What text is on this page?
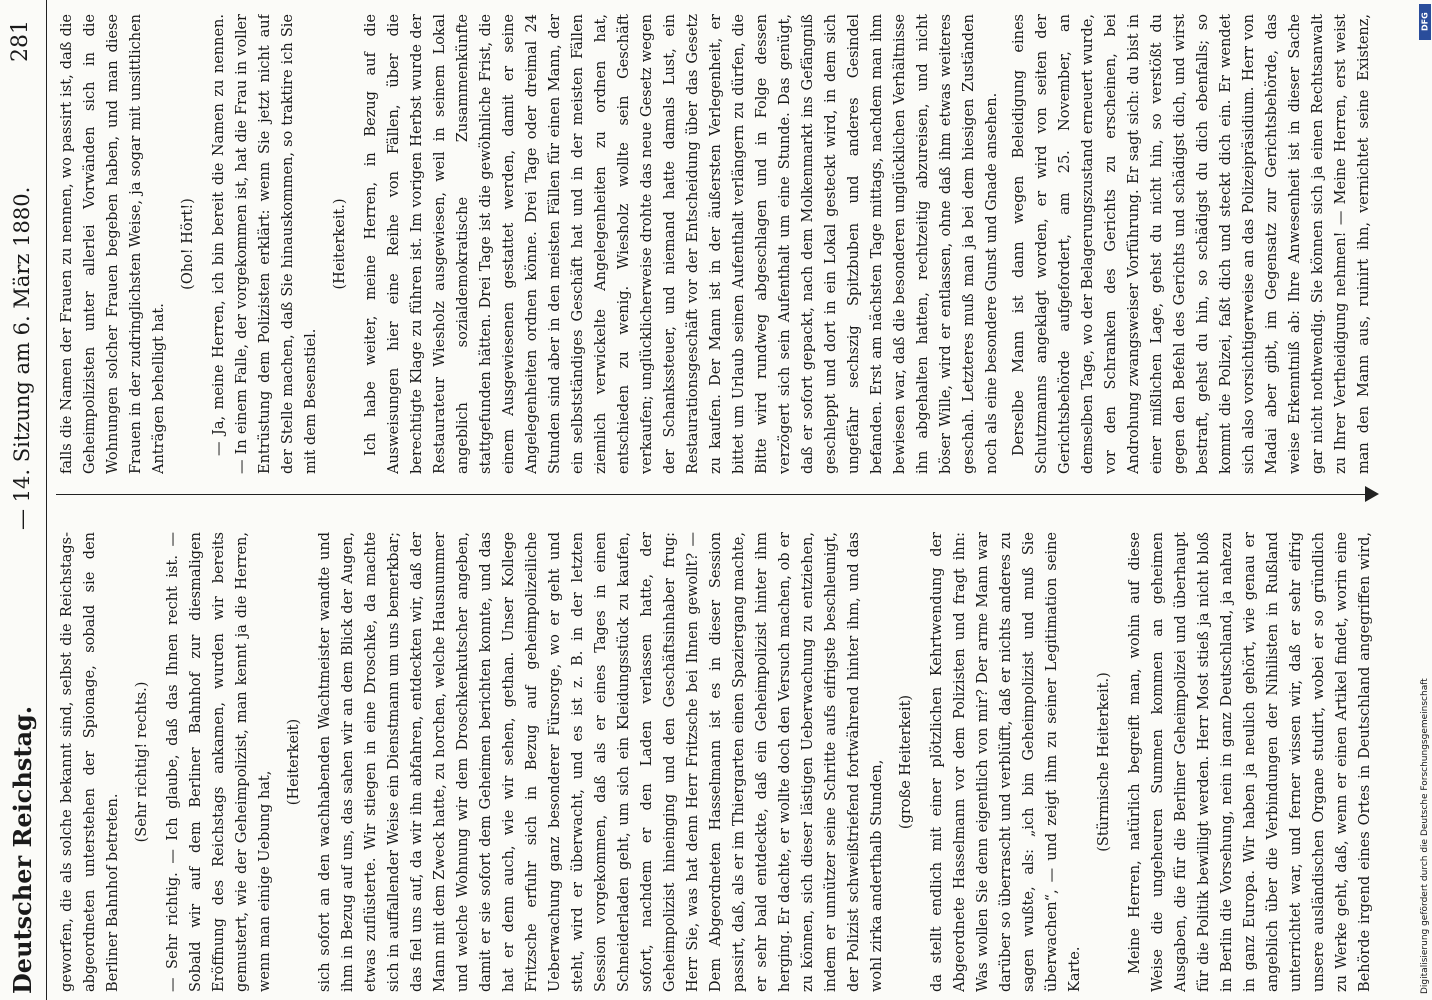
Deutscher Reichstag.
— 14. Sitzung am 6. März 1880.
281

geworfen, die als solche bekannt sind, selbst die Reichstags-abgeordneten unterstehen der Spionage, sobald sie den Berliner Bahnhof betreten.

(Sehr richtig! rechts.) — Sehr richtig. — Ich glaube, daß das Ihnen recht ist. — Sobald wir auf dem Berliner Bahnhof zur diesmaligen Eröffnung des Reichstags ankamen, wurden wir bereits gemustert, wie der Geheimpolizist, man kennt ja die Herren, wenn man einige Uebung hat,

(Heiterkeit) sich sofort an den wachhabenden Wachtmeister wandte und ihm in Bezug auf uns, das sahen wir an dem Blick der Augen, etwas zuflüsterte. Wir stiegen in eine Droschke, da machte sich in auffallender Weise ein Dienstmann um uns bemerkbar; das fiel uns auf, da wir ihn abfahren, entdeckten wir, daß der Mann mit dem Zweck hatte, zu horchen, welche Hausnummer und welche Wohnung wir dem Droschkenkutscher angeben, damit er sie sofort dem Geheimen berichten konnte, und das hat er denn auch, wie wir sehen, gethan. Unser Kollege Fritzsche erfuhr sich in Bezug auf geheimpolizeiliche Ueberwachung ganz besonderer Fürsorge, wo er geht und steht, wird er überwacht, und es ist z. B. in der letzten Session vorgekommen, daß als er eines Tages in einen Schneiderladen geht, um sich ein Kleidungsstück zu kaufen, sofort, nachdem er den Laden verlassen hatte, der Geheimpolizist hineinging und den Geschäftsinhaber frug: Herr Sie, was hat denn Herr Fritzsche bei Ihnen gewollt? — Dem Abgeordneten Hasselmann ist es in dieser Session passirt, daß, als er im Thiergarten einen Spaziergang machte, er sehr bald entdeckte, daß ein Geheimpolizist hinter ihm herging. Er dachte, er wollte doch den Versuch machen, ob er zu können, sich dieser lästigen Ueberwachung zu entziehen, indem er unnützer seine Schritte aufs eifrigste beschleunigt, der Polizist schweißtriefend fortwährend hinter ihm, und das wohl zirka anderthalb Stunden, (große Heiterkeit) da stellt endlich mit einer plötzlichen Kehrtwendung der Abgeordnete Hasselmann vor dem Polizisten und fragt ihn: Was wollen Sie denn eigentlich von mir? Der arme Mann war darüber so überrascht und verblüfft, daß er nichts anderes zu sagen wußte, als: „ich bin Geheimpolizist und muß Sie überwachen“, — und zeigt ihm zu seiner Legitimation seine Karte.

(Stürmische Heiterkeit.)

Meine Herren, natürlich begreift man, wohin auf diese Weise die ungeheuren Summen kommen an geheimen Ausgaben, die für die Berliner Geheimpolizei und überhaupt für die Politik bewilligt werden. Herr Most stieß ja nicht bloß in Berlin die Vorsehung, nein in ganz Deutschland, ja nahezu in ganz Europa. Wir haben ja neulich gehört, wie genau er angeblich über die Verbindungen der Nihilisten in Rußland unterrichtet war, und ferner wissen wir, daß er sehr eifrig unsere ausländischen Organe studirt, wobei er so gründlich zu Werke geht, daß, wenn er einen Artikel findet, worin eine Behörde irgend eines Ortes in Deutschland angegriffen wird,

falls die Namen der Frauen zu nennen, wo passirt ist, daß die Geheimpolizisten unter allerlei Vorwänden sich in die Wohnungen solcher Frauen begeben haben, und man diese Frauen in der zudringlichsten Weise, ja sogar mit unsittlichen Anträgen behelligt hat.

(Oho! Hört!) — Ja, meine Herren, ich bin bereit die Namen zu nennen. — In einem Falle, der vorgekommen ist, hat die Frau in voller Entrüstung dem Polizisten erklärt: wenn Sie jetzt nicht auf der Stelle machen, daß Sie hinauskommen, so traktire ich Sie mit dem Besenstiel.

(Heiterkeit.) Ich habe weiter, meine Herren, in Bezug auf die Ausweisungen hier eine Reihe von Fällen, über die berechtigte Klage zu führen ist. Im vorigen Herbst wurde der Restaurateur Wiesholz ausgewiesen, weil in seinem Lokal angeblich sozialdemokratische Zusammenkünfte stattgefunden hätten. Drei Tage ist die gewöhnliche Frist, die einem Ausgewiesenen gestattet werden, damit er seine Angelegenheiten ordnen könne. Drei Tage oder dreimal 24 Stunden sind aber in den meisten Fällen für einen Mann, der ein selbstständiges Geschäft hat und in der meisten Fällen ziemlich verwickelte Angelegenheiten zu ordnen hat, entschieden zu wenig. Wiesholz wollte sein Geschäft verkaufen; unglücklicherweise drohte das neue Gesetz wegen der Schankssteuer, und niemand hatte damals Lust, ein Restaurationsgeschäft vor der Entscheidung über das Gesetz zu kaufen. Der Mann ist in der äußersten Verlegenheit, er bittet um Urlaub seinen Aufenthalt verlängern zu dürfen, die Bitte wird rundweg abgeschlagen und in Folge dessen verzögert sich sein Aufenthalt um eine Stunde. Das genügt, daß er sofort gepackt, nach dem Molkenmarkt ins Gefängniß geschleppt und dort in ein Lokal gesteckt wird, in dem sich ungefähr sechszig Spitzbuben und anderes Gesindel befanden. Erst am nächsten Tage mittags, nachdem man ihm bewiesen war, daß die besonderen unglücklichen Verhältnisse ihn abgehalten hatten, rechtzeitig abzureisen, und nicht böser Wille, wird er entlassen, ohne daß ihm etwas weiteres geschah. Letzteres muß man ja bei dem hiesigen Zuständen noch als eine besondere Gunst und Gnade ansehen. Derselbe Mann ist dann wegen Beleidigung eines Schutzmanns angeklagt worden, er wird von seiten der Gerichtsbehörde aufgefordert, am 25. November, an demselben Tage, wo der Belagerungszustand erneuert wurde, vor den Schranken des Gerichts zu erscheinen, bei Androhung zwangsweiser Vorführung. Er sagt sich: du bist in einer mißlichen Lage, gehst du nicht hin, so verstößt du gegen den Befehl des Gerichts und schädigst dich, und wirst bestraft, gehst du hin, so schädigst du dich ebenfalls; so kommt die Polizei, faßt dich und steckt dich ein. Er wendet sich also vorsichtigerweise an das Polizeipräsidium. Herr von Madai aber gibt, im Gegensatz zur Gerichtsbehörde, das weise Erkenntniß ab: Ihre Anwesenheit ist in dieser Sache gar nicht nothwendig. Sie können sich ja einen Rechtsanwalt zu Ihrer Vertheidigung nehmen! — Meine Herren, erst weist man den Mann aus, ruinirt ihn, vernichtet seine Existenz,	DFG
Digitalisierung gefördert durch die Deutsche Forschungsgemeinschaft
